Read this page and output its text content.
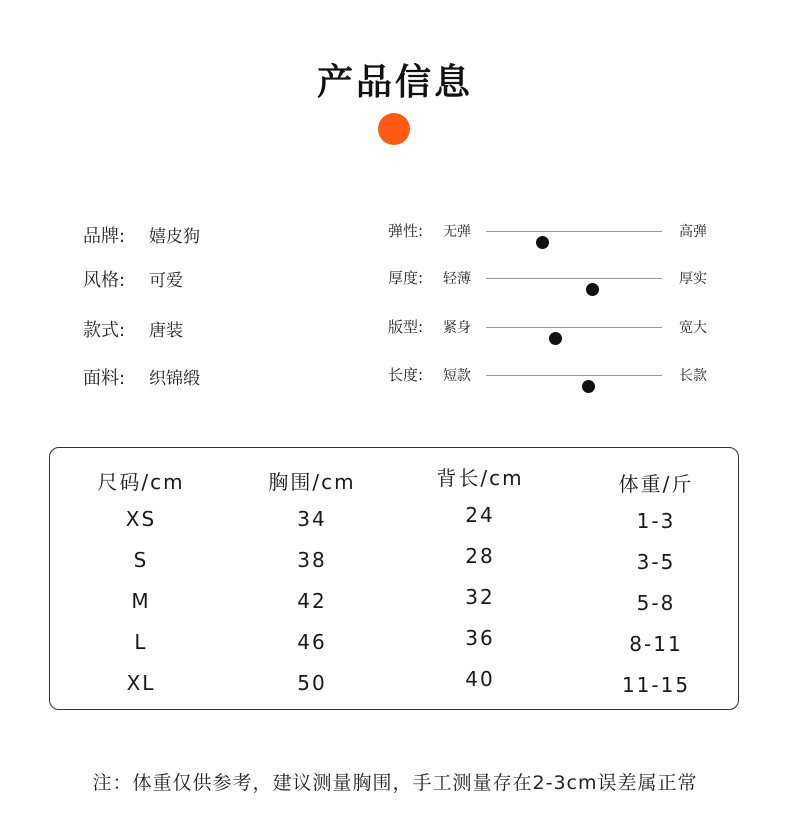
产品信息
品牌: 嬉皮狗
风格: 可爱
款式: 唐装
面料: 织锦缎
弹性: 无弹	高弹
厚度: 轻薄	厚实
版型: 紧身	宽大
长度: 短款	长款
尺码/cm	胸围/cm	背长/cm	体重/斤
XS	34	24	1-3
S	38	28	3-5
M	42	32	5-8
L	46	36	8-11
XL	50	40	11-15
注：体重仅供参考，建议测量胸围，手工测量存在2-3cm误差属正常
